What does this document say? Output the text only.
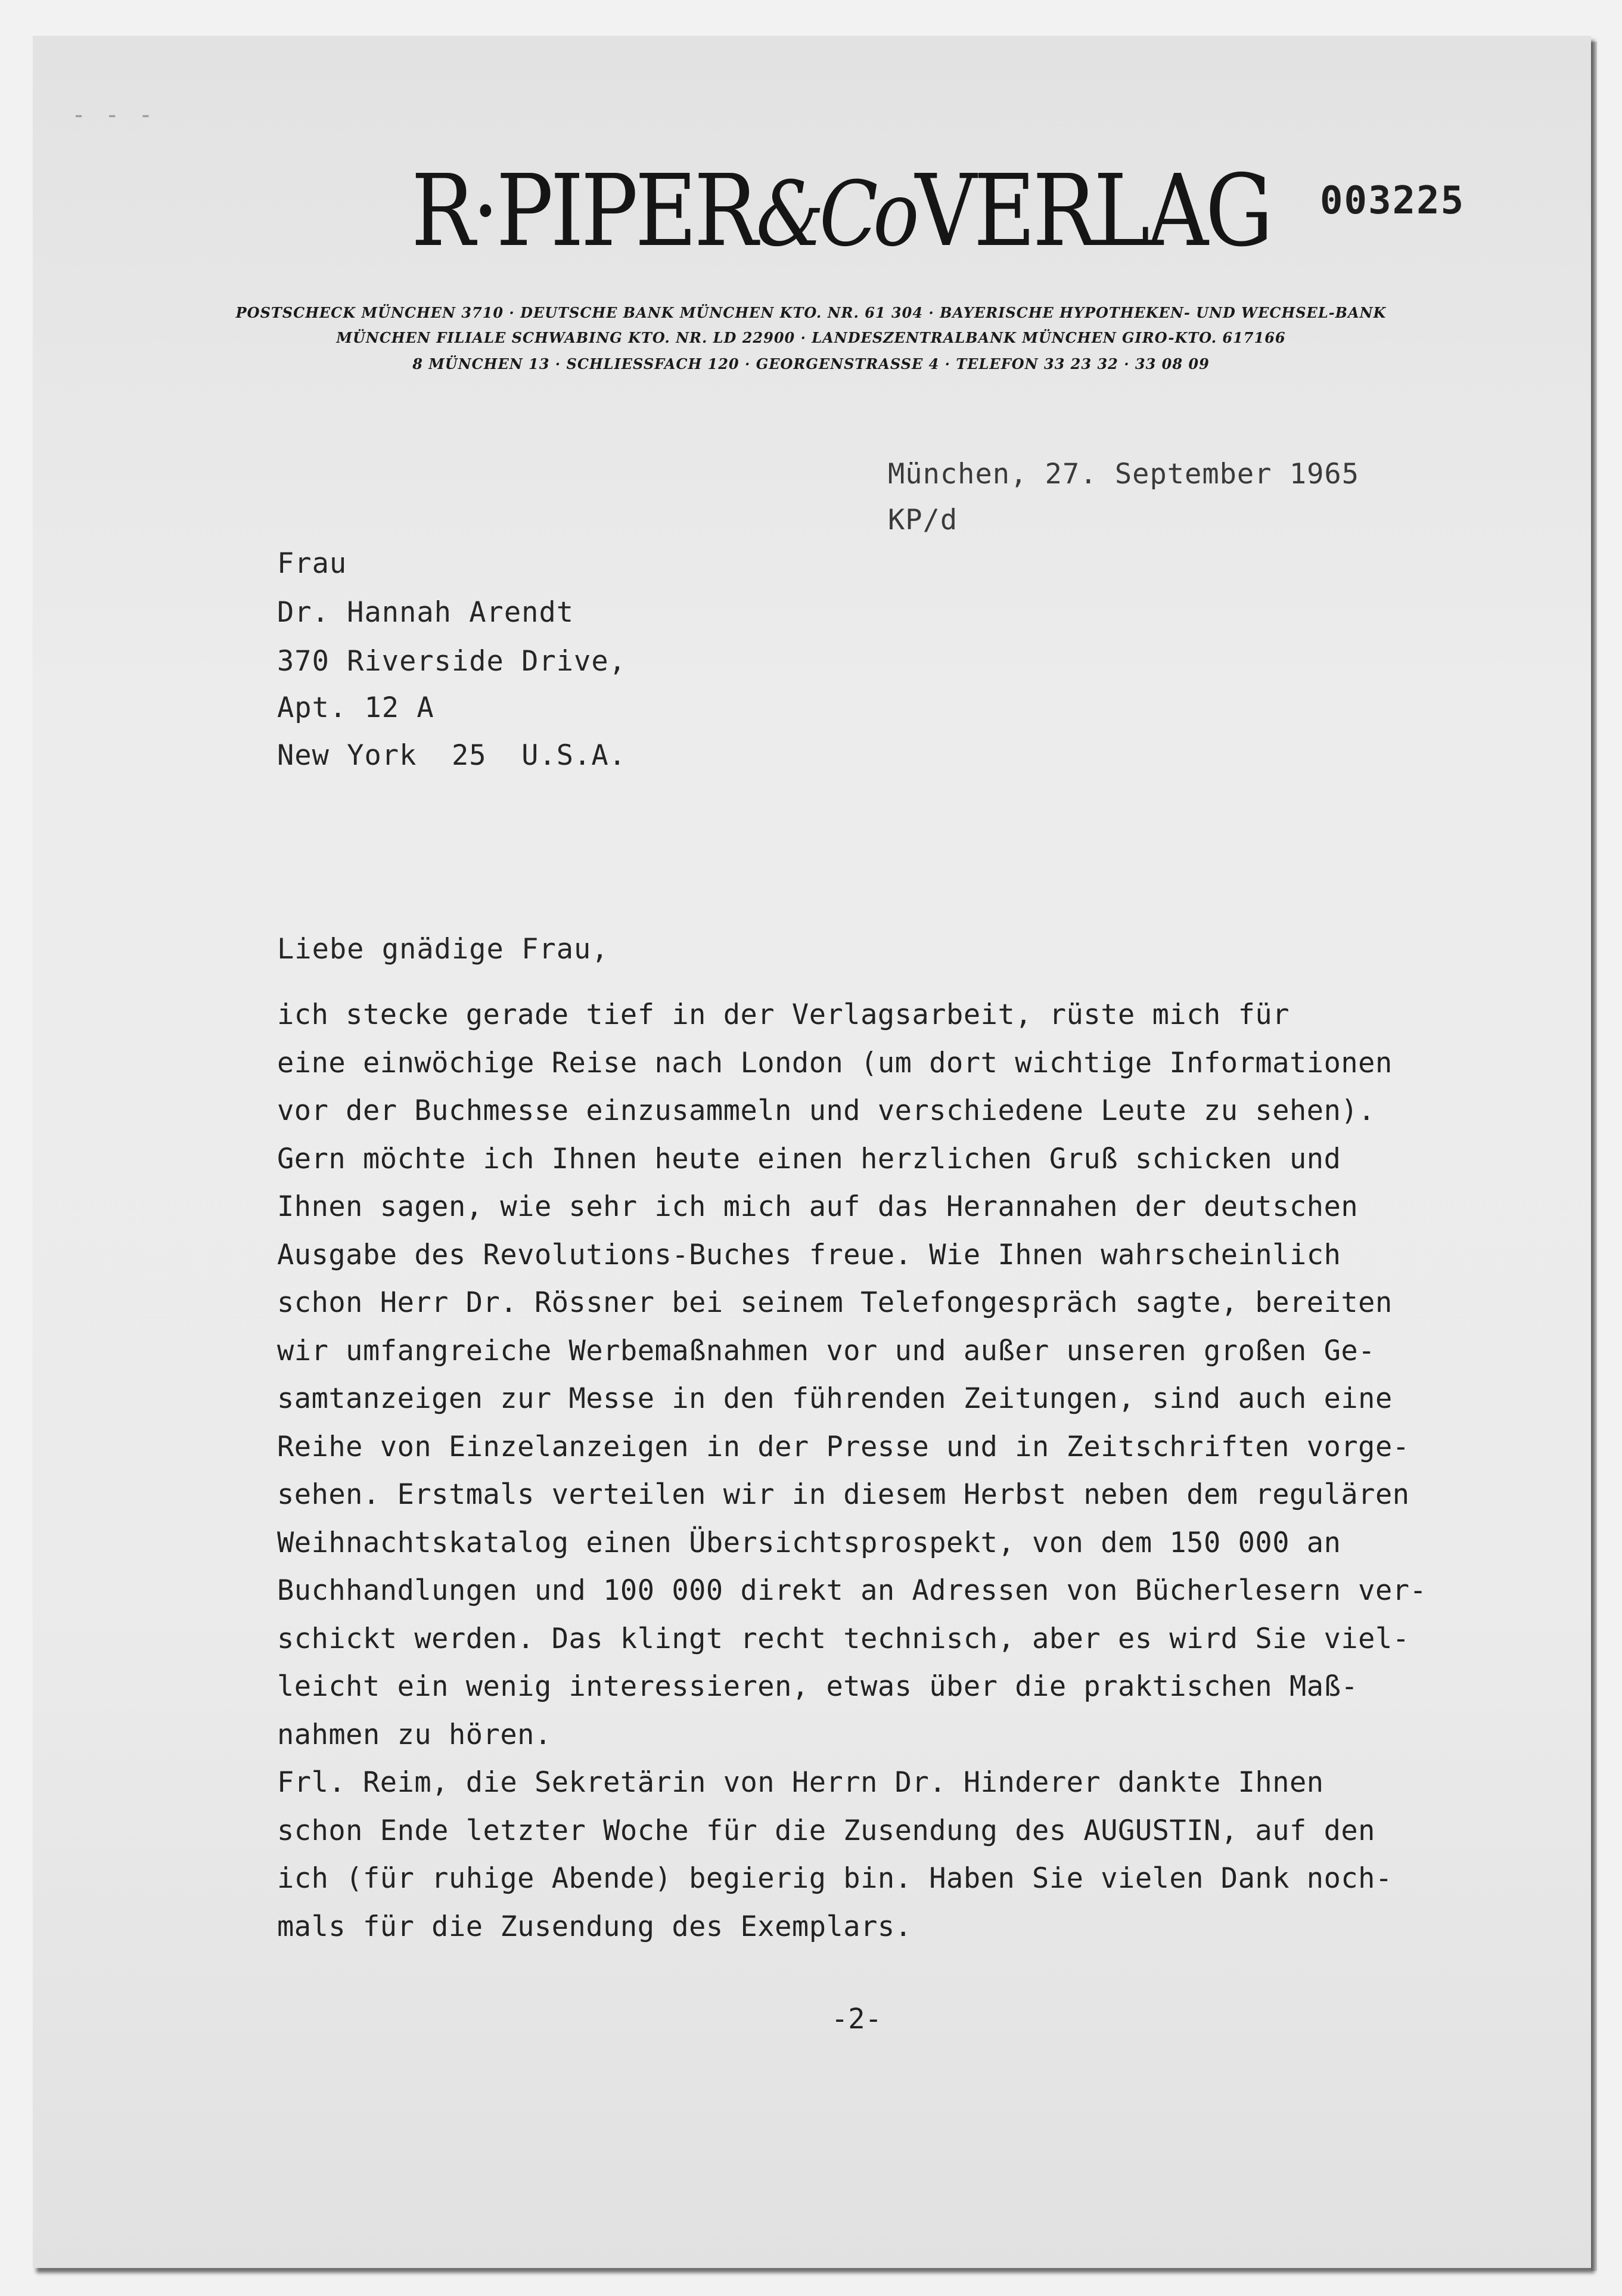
- - -
R·PIPER&CoVERLAG 003225
POSTSCHECK MÜNCHEN 3710 · DEUTSCHE BANK MÜNCHEN KTO. NR. 61 304 · BAYERISCHE HYPOTHEKEN- UND WECHSEL-BANK
MÜNCHEN FILIALE SCHWABING KTO. NR. LD 22900 · LANDESZENTRALBANK MÜNCHEN GIRO-KTO. 617166
8 MÜNCHEN 13 · SCHLIESSFACH 120 · GEORGENSTRASSE 4 · TELEFON 33 23 32 · 33 08 09
München, 27. September 1965
KP/d
Frau
Dr. Hannah Arendt
370 Riverside Drive,
Apt. 12 A
New York  25  U.S.A.
Liebe gnädige Frau,
ich stecke gerade tief in der Verlagsarbeit, rüste mich für
eine einwöchige Reise nach London (um dort wichtige Informationen
vor der Buchmesse einzusammeln und verschiedene Leute zu sehen).
Gern möchte ich Ihnen heute einen herzlichen Gruß schicken und
Ihnen sagen, wie sehr ich mich auf das Herannahen der deutschen
Ausgabe des Revolutions-Buches freue. Wie Ihnen wahrscheinlich
schon Herr Dr. Rössner bei seinem Telefongespräch sagte, bereiten
wir umfangreiche Werbemaßnahmen vor und außer unseren großen Ge-
samtanzeigen zur Messe in den führenden Zeitungen, sind auch eine
Reihe von Einzelanzeigen in der Presse und in Zeitschriften vorge-
sehen. Erstmals verteilen wir in diesem Herbst neben dem regulären
Weihnachtskatalog einen Übersichtsprospekt, von dem 150 000 an
Buchhandlungen und 100 000 direkt an Adressen von Bücherlesern ver-
schickt werden. Das klingt recht technisch, aber es wird Sie viel-
leicht ein wenig interessieren, etwas über die praktischen Maß-
nahmen zu hören.
Frl. Reim, die Sekretärin von Herrn Dr. Hinderer dankte Ihnen
schon Ende letzter Woche für die Zusendung des AUGUSTIN, auf den
ich (für ruhige Abende) begierig bin. Haben Sie vielen Dank noch-
mals für die Zusendung des Exemplars.
-2-
